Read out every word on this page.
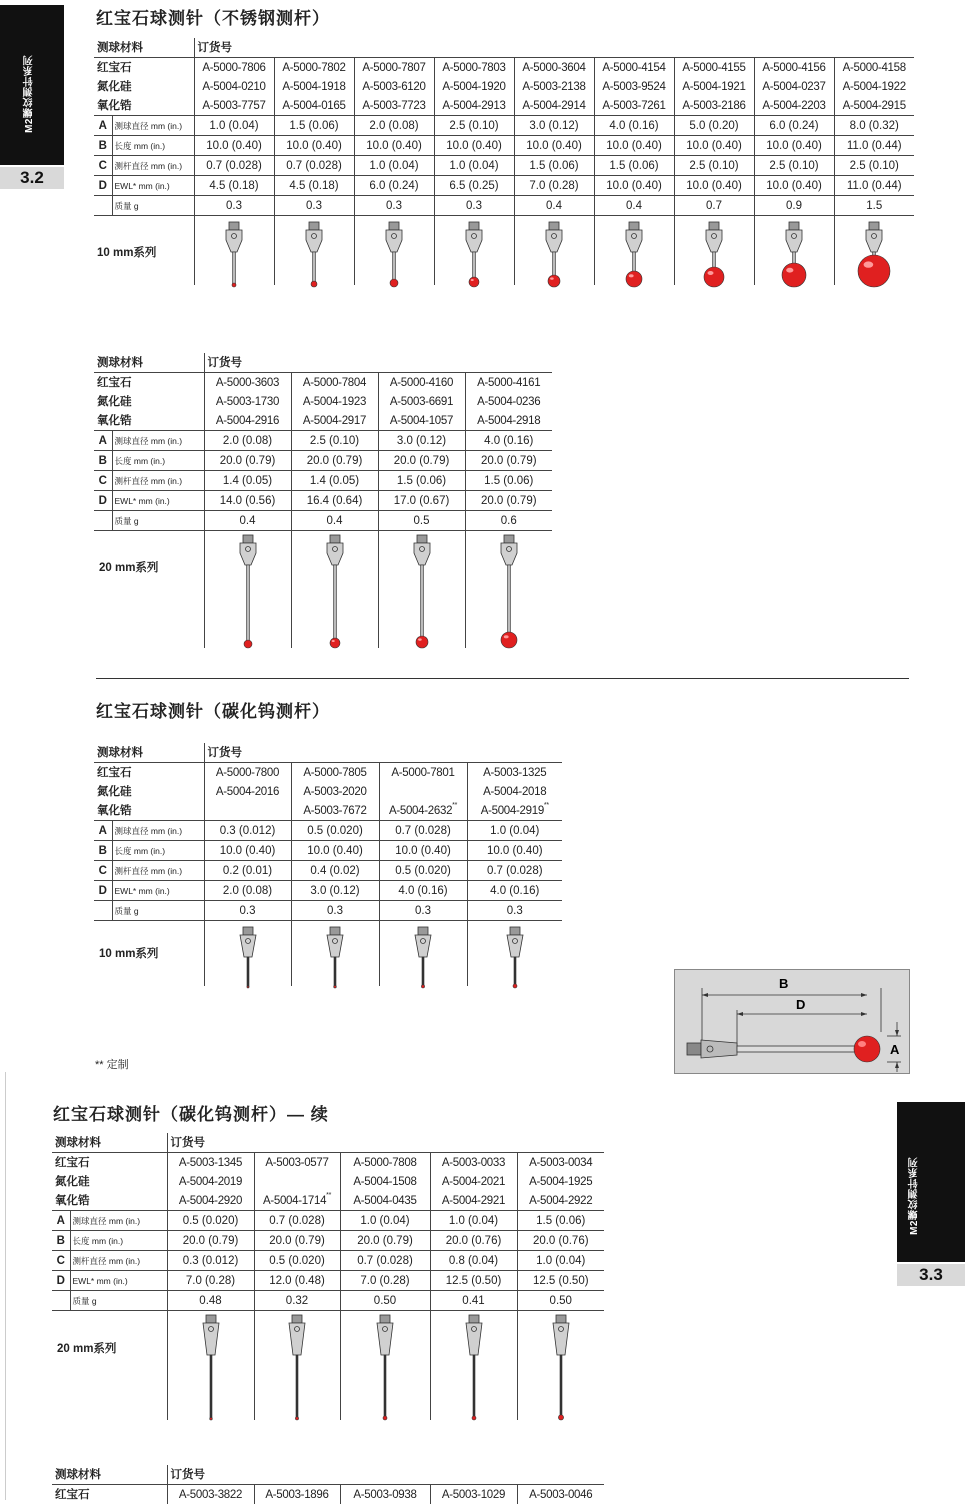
M2螺纹测针系列
3.2
M2螺纹测针系列
3.3
红宝石球测针（不锈钢测杆）
测球材料		订货号								
红宝石		A-5000-7806	A-5000-7802	A-5000-7807	A-5000-7803	A-5000-3604	A-5000-4154	A-5000-4155	A-5000-4156	A-5000-4158
氮化硅		A-5004-0210	A-5004-1918	A-5003-6120	A-5004-1920	A-5003-2138	A-5003-9524	A-5004-1921	A-5004-0237	A-5004-1922
氧化锆		A-5003-7757	A-5004-0165	A-5003-7723	A-5004-2913	A-5004-2914	A-5003-7261	A-5003-2186	A-5004-2203	A-5004-2915
A	测球直径 mm (in.)	1.0 (0.04)	1.5 (0.06)	2.0 (0.08)	2.5 (0.10)	3.0 (0.12)	4.0 (0.16)	5.0 (0.20)	6.0 (0.24)	8.0 (0.32)
B	长度 mm (in.)	10.0 (0.40)	10.0 (0.40)	10.0 (0.40)	10.0 (0.40)	10.0 (0.40)	10.0 (0.40)	10.0 (0.40)	10.0 (0.40)	11.0 (0.44)
C	测杆直径 mm (in.)	0.7 (0.028)	0.7 (0.028)	1.0 (0.04)	1.0 (0.04)	1.5 (0.06)	1.5 (0.06)	2.5 (0.10)	2.5 (0.10)	2.5 (0.10)
D	EWL* mm (in.)	4.5 (0.18)	4.5 (0.18)	6.0 (0.24)	6.5 (0.25)	7.0 (0.28)	10.0 (0.40)	10.0 (0.40)	10.0 (0.40)	11.0 (0.44)
	质量 g	0.3	0.3	0.3	0.3	0.4	0.4	0.7	0.9	1.5

10 mm系列
测球材料		订货号			
红宝石		A-5000-3603	A-5000-7804	A-5000-4160	A-5000-4161
氮化硅		A-5003-1730	A-5004-1923	A-5003-6691	A-5004-0236
氧化锆		A-5004-2916	A-5004-2917	A-5004-1057	A-5004-2918
A	测球直径 mm (in.)	2.0 (0.08)	2.5 (0.10)	3.0 (0.12)	4.0 (0.16)
B	长度 mm (in.)	20.0 (0.79)	20.0 (0.79)	20.0 (0.79)	20.0 (0.79)
C	测杆直径 mm (in.)	1.4 (0.05)	1.4 (0.05)	1.5 (0.06)	1.5 (0.06)
D	EWL* mm (in.)	14.0 (0.56)	16.4 (0.64)	17.0 (0.67)	20.0 (0.79)
	质量 g	0.4	0.4	0.5	0.6

20 mm系列
红宝石球测针（碳化钨测杆）
测球材料		订货号			
红宝石		A-5000-7800	A-5000-7805	A-5000-7801	A-5003-1325
氮化硅		A-5004-2016	A-5003-2020		A-5004-2018
氧化锆			A-5003-7672	A-5004-2632**	A-5004-2919**
A	测球直径 mm (in.)	0.3 (0.012)	0.5 (0.020)	0.7 (0.028)	1.0 (0.04)
B	长度 mm (in.)	10.0 (0.40)	10.0 (0.40)	10.0 (0.40)	10.0 (0.40)
C	测杆直径 mm (in.)	0.2 (0.01)	0.4 (0.02)	0.5 (0.020)	0.7 (0.028)
D	EWL* mm (in.)	2.0 (0.08)	3.0 (0.12)	4.0 (0.16)	4.0 (0.16)
	质量 g	0.3	0.3	0.3	0.3

10 mm系列
** 定制
B
D
A
红宝石球测针（碳化钨测杆）— 续
测球材料		订货号				
红宝石		A-5003-1345	A-5003-0577	A-5000-7808	A-5003-0033	A-5003-0034
氮化硅		A-5004-2019		A-5004-1508	A-5004-2021	A-5004-1925
氧化锆		A-5004-2920	A-5004-1714**	A-5004-0435	A-5004-2921	A-5004-2922
A	测球直径 mm (in.)	0.5 (0.020)	0.7 (0.028)	1.0 (0.04)	1.0 (0.04)	1.5 (0.06)
B	长度 mm (in.)	20.0 (0.79)	20.0 (0.79)	20.0 (0.79)	20.0 (0.76)	20.0 (0.76)
C	测杆直径 mm (in.)	0.3 (0.012)	0.5 (0.020)	0.7 (0.028)	0.8 (0.04)	1.0 (0.04)
D	EWL* mm (in.)	7.0 (0.28)	12.0 (0.48)	7.0 (0.28)	12.5 (0.50)	12.5 (0.50)
	质量 g	0.48	0.32	0.50	0.41	0.50

20 mm系列
测球材料	订货号				
红宝石	A-5003-3822	A-5003-1896	A-5003-0938	A-5003-1029	A-5003-0046
